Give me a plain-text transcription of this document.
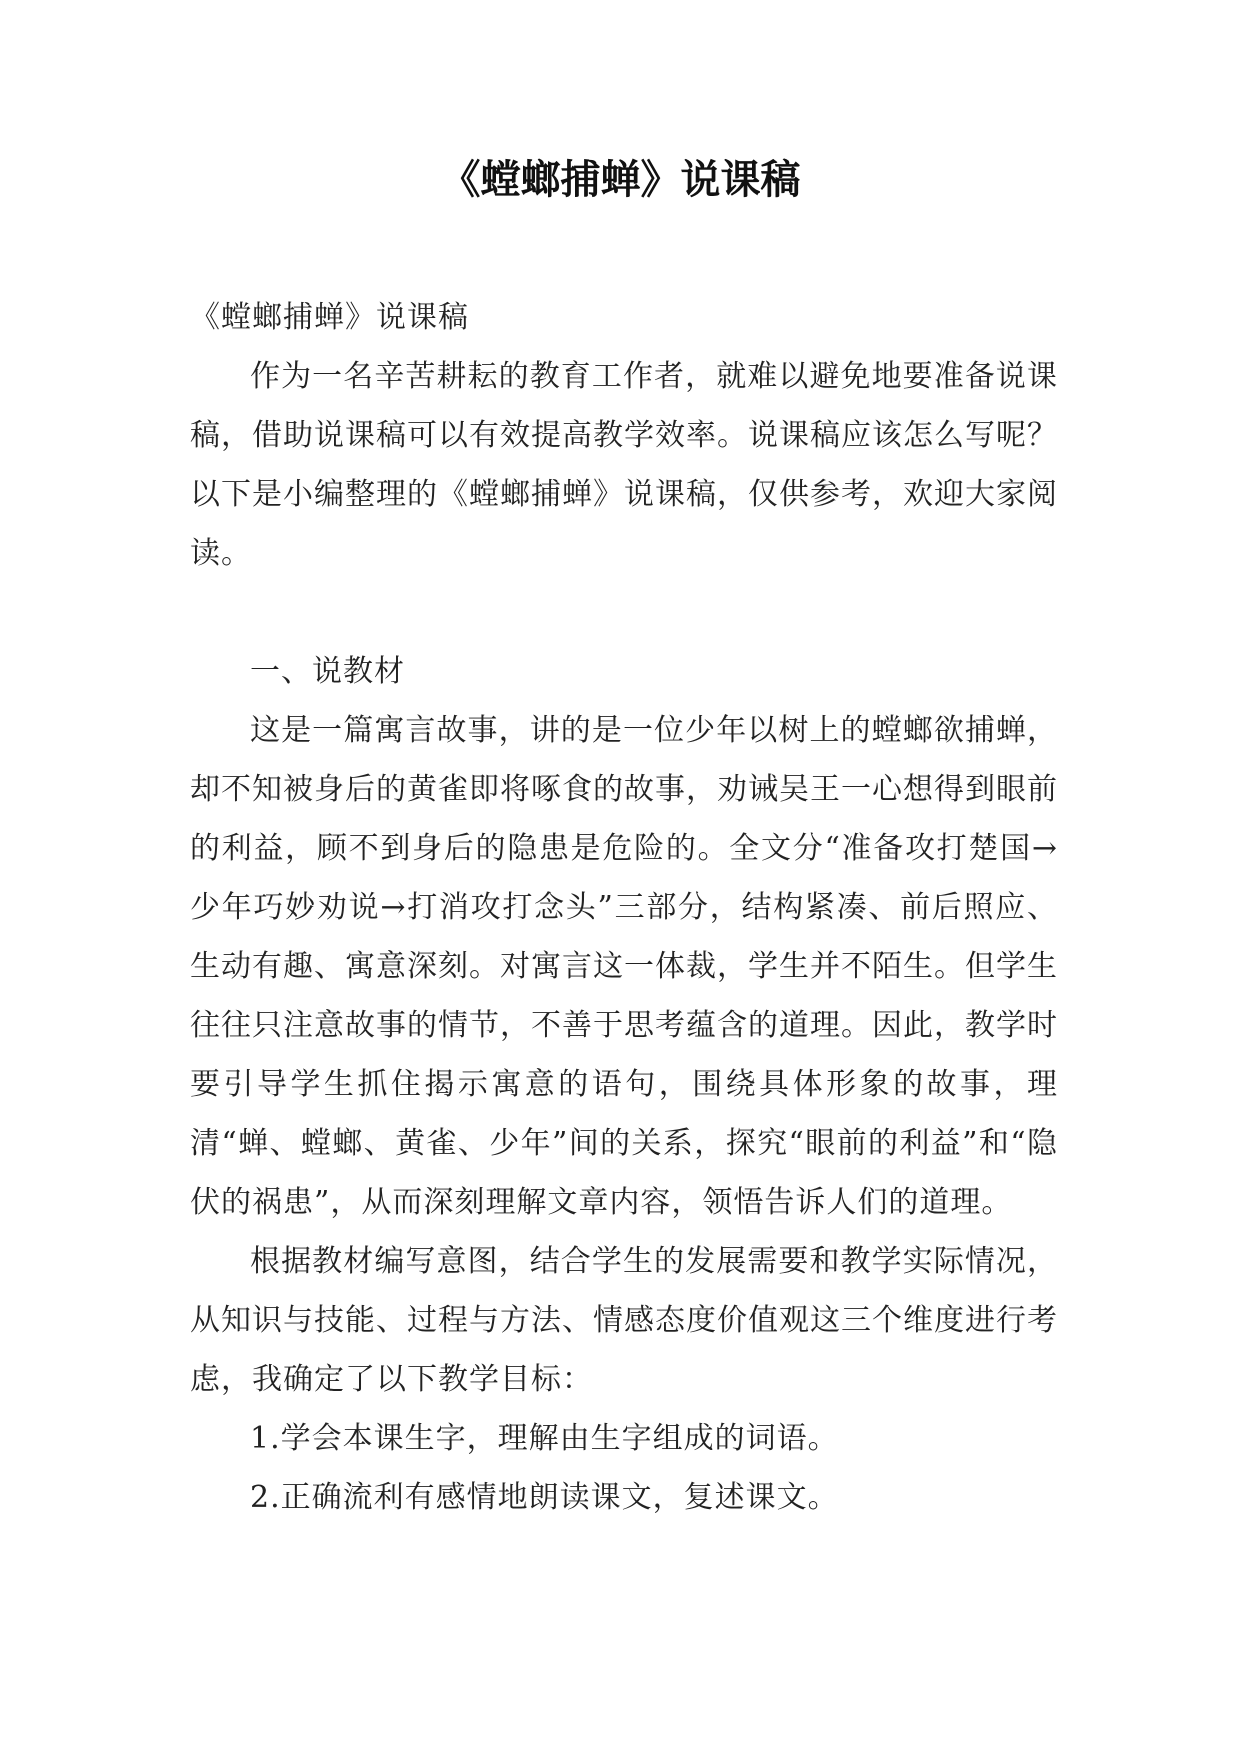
《螳螂捕蝉》说课稿

《螳螂捕蝉》说课稿

作为一名辛苦耕耘的教育工作者，就难以避免地要准备说课稿，借助说课稿可以有效提高教学效率。说课稿应该怎么写呢？以下是小编整理的《螳螂捕蝉》说课稿，仅供参考，欢迎大家阅读。

一、说教材

这是一篇寓言故事，讲的是一位少年以树上的螳螂欲捕蝉，却不知被身后的黄雀即将啄食的故事，劝诫吴王一心想得到眼前的利益，顾不到身后的隐患是危险的。全文分“准备攻打楚国→少年巧妙劝说→打消攻打念头”三部分，结构紧凑、前后照应、生动有趣、寓意深刻。对寓言这一体裁，学生并不陌生。但学生往往只注意故事的情节，不善于思考蕴含的道理。因此，教学时要引导学生抓住揭示寓意的语句，围绕具体形象的故事，理清“蝉、螳螂、黄雀、少年”间的关系，探究“眼前的利益”和“隐伏的祸患”，从而深刻理解文章内容，领悟告诉人们的道理。

根据教材编写意图，结合学生的发展需要和教学实际情况，从知识与技能、过程与方法、情感态度价值观这三个维度进行考虑，我确定了以下教学目标：

1.学会本课生字，理解由生字组成的词语。

2.正确流利有感情地朗读课文，复述课文。
